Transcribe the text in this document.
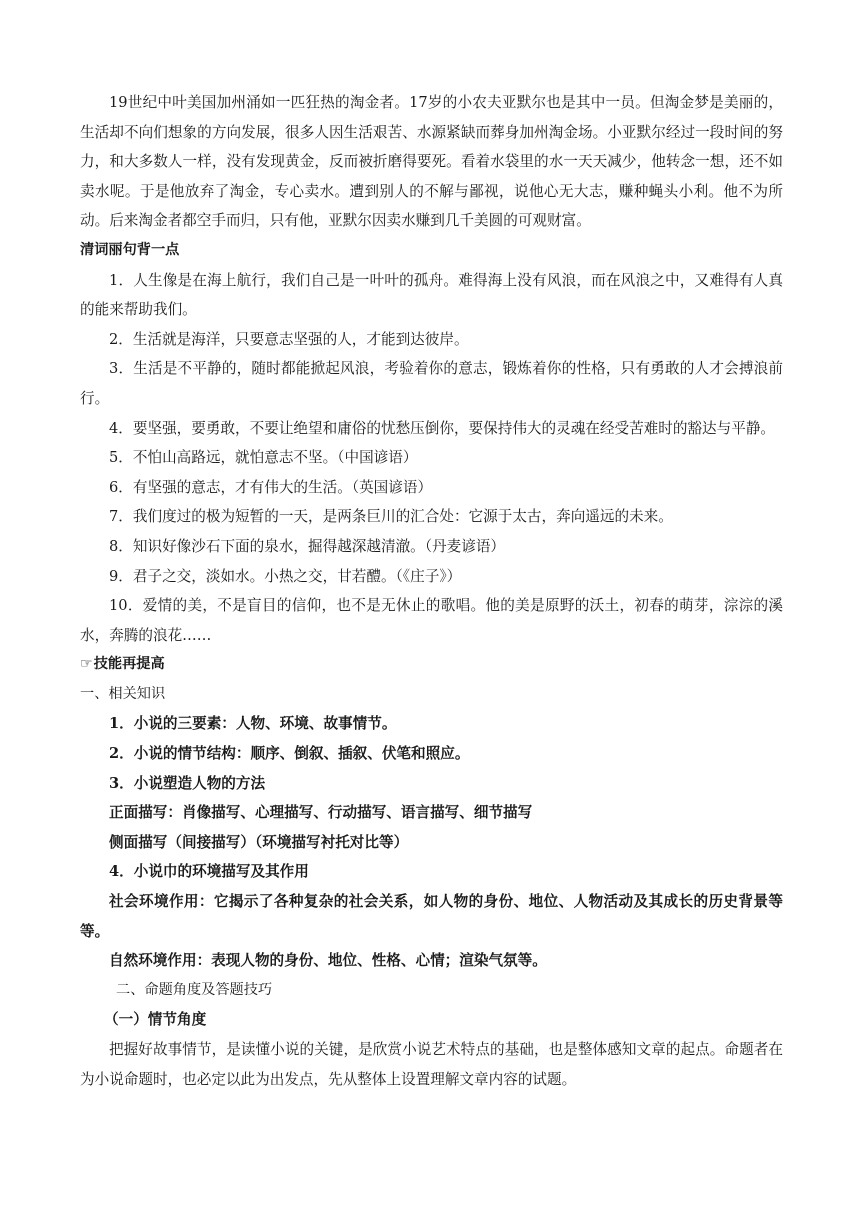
19世纪中叶美国加州涌如一匹狂热的淘金者。17岁的小农夫亚默尔也是其中一员。但淘金梦是美丽的，生活却不向们想象的方向发展，很多人因生活艰苦、水源紧缺而葬身加州淘金场。小亚默尔经过一段时间的努力，和大多数人一样，没有发现黄金，反而被折磨得要死。看着水袋里的水一天天减少，他转念一想，还不如卖水呢。于是他放弃了淘金，专心卖水。遭到别人的不解与鄙视，说他心无大志，赚种蝇头小利。他不为所动。后来淘金者都空手而归，只有他，亚默尔因卖水赚到几千美圆的可观财富。

清词丽句背一点

1．人生像是在海上航行，我们自己是一叶叶的孤舟。难得海上没有风浪，而在风浪之中，又难得有人真的能来帮助我们。

2．生活就是海洋，只要意志坚强的人，才能到达彼岸。

3．生活是不平静的，随时都能掀起风浪，考验着你的意志，锻炼着你的性格，只有勇敢的人才会搏浪前行。

4．要坚强，要勇敢，不要让绝望和庸俗的忧愁压倒你，要保持伟大的灵魂在经受苦难时的豁达与平静。

5．不怕山高路远，就怕意志不坚。（中国谚语）

6．有坚强的意志，才有伟大的生活。（英国谚语）

7．我们度过的极为短暂的一天，是两条巨川的汇合处：它源于太古，奔向遥远的未来。

8．知识好像沙石下面的泉水，掘得越深越清澈。（丹麦谚语）

9．君子之交，淡如水。小热之交，甘若醴。（《庄子》）

10．爱情的美，不是盲目的信仰，也不是无休止的歌唱。他的美是原野的沃土，初春的萌芽，淙淙的溪水，奔腾的浪花……

☞技能再提高

一、相关知识

1．小说的三要素：人物、环境、故事情节。

2．小说的情节结构：顺序、倒叙、插叙、伏笔和照应。

3．小说塑造人物的方法

正面描写：肖像描写、心理描写、行动描写、语言描写、细节描写

侧面描写（间接描写）（环境描写衬托对比等）

4．小说巾的环境描写及其作用

社会环境作用：它揭示了各种复杂的社会关系，如人物的身份、地位、人物活动及其成长的历史背景等等。

自然环境作用：表现人物的身份、地位、性格、心情；渲染气氛等。

二、命题角度及答题技巧

（一）情节角度

把握好故事情节，是读懂小说的关键，是欣赏小说艺术特点的基础，也是整体感知文章的起点。命题者在为小说命题时，也必定以此为出发点，先从整体上设置理解文章内容的试题。
